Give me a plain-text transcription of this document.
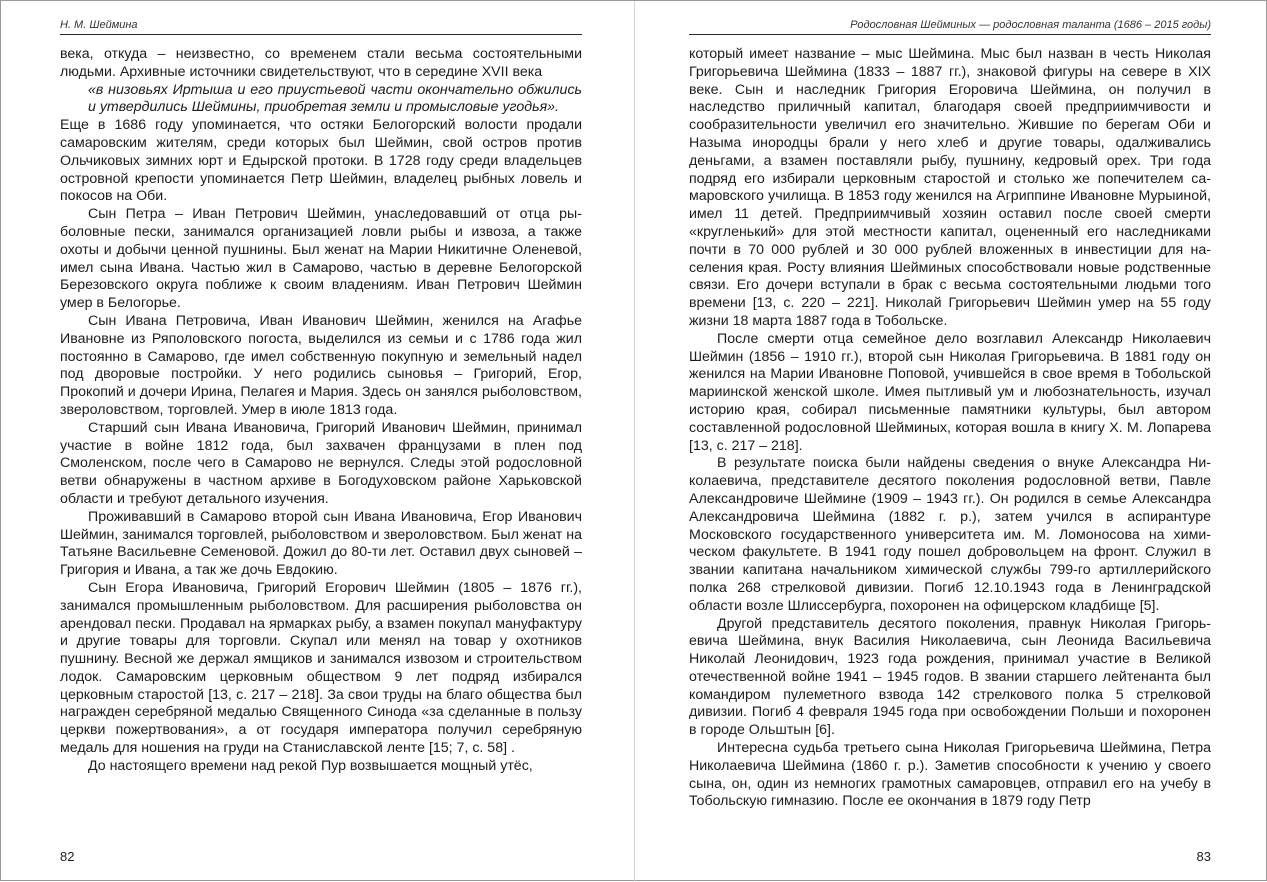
Н. М. Шеймина

века, откуда – неизвестно, со временем стали весьма состоятельными людьми. Архивные источники свидетельствуют, что в середине XVII века

«в низовьях Иртыша и его приустьевой части окончательно обжились и утвердились Шеймины, приобретая земли и промысловые угодья».

Еще в 1686 году упоминается, что остяки Белогорский волости продали самаровским жителям, среди которых был Шеймин, свой остров против Ольчиковых зимних юрт и Едырской протоки. В 1728 году среди владельцев островной крепости упоминается Петр Шеймин, владелец рыбных ловель и покосов на Оби.

Сын Петра – Иван Петрович Шеймин, унаследовавший от отца рыболовные пески, занимался организацией ловли рыбы и извоза, а также охоты и добычи ценной пушнины. Был женат на Марии Никитичне Оленевой, имел сына Ивана. Частью жил в Самарово, частью в деревне Белогорской Березовского округа поближе к своим владениям. Иван Петрович Шеймин умер в Белогорье.

Сын Ивана Петровича, Иван Иванович Шеймин, женился на Агафье Ивановне из Ряполовского погоста, выделился из семьи и с 1786 года жил постоянно в Самарово, где имел собственную покупную и земельный надел под дворовые постройки. У него родились сыновья – Григорий, Егор, Прокопий и дочери Ирина, Пелагея и Мария. Здесь он занялся рыболовством, звероловством, торговлей. Умер в июле 1813 года.

Старший сын Ивана Ивановича, Григорий Иванович Шеймин, принимал участие в войне 1812 года, был захвачен французами в плен под Смоленском, после чего в Самарово не вернулся. Следы этой родословной ветви обнаружены в частном архиве в Богодуховском районе Харьковской области и требуют детального изучения.

Проживавший в Самарово второй сын Ивана Ивановича, Егор Иванович Шеймин, занимался торговлей, рыболовством и звероловством. Был женат на Татьяне Васильевне Семеновой. Дожил до 80-ти лет. Оставил двух сыновей – Григория и Ивана, а так же дочь Евдокию.

Сын Егора Ивановича, Григорий Егорович Шеймин (1805 – 1876 гг.), занимался промышленным рыболовством. Для расширения рыболовства он арендовал пески. Продавал на ярмарках рыбу, а взамен покупал мануфактуру и другие товары для торговли. Скупал или менял на товар у охотников пушнину. Весной же держал ямщиков и занимался извозом и строительством лодок. Самаровским церковным обществом 9 лет подряд избирался церковным старостой [13, с. 217 – 218]. За свои труды на благо общества был награжден серебряной медалью Священного Синода «за сделанные в пользу церкви пожертвования», а от государя императора получил серебряную медаль для ношения на груди на Станиславской ленте [15; 7, с. 58] .

До настоящего времени над рекой Пур возвышается мощный утёс,

82
Родословная Шейминых — родословная таланта (1686 – 2015 годы)

который имеет название – мыс Шеймина. Мыс был назван в честь Николая Григорьевича Шеймина (1833 – 1887 гг.), знаковой фигуры на севере в XIX веке. Сын и наследник Григория Егоровича Шеймина, он получил в наследство приличный капитал, благодаря своей предприимчивости и сообразительности увеличил его значительно. Жившие по берегам Оби и Назыма инородцы брали у него хлеб и другие товары, одалживались деньгами, а взамен поставляли рыбу, пушнину, кедровый орех. Три года подряд его избирали церковным старостой и столько же попечителем самаровского училища. В 1853 году женился на Агриппине Ивановне Мурыиной, имел 11 детей. Предприимчивый хозяин оставил после своей смерти «кругленький» для этой местности капитал, оцененный его наследниками почти в 70 000 рублей и 30 000 рублей вложенных в инвестиции для населения края. Росту влияния Шейминых способствовали новые родственные связи. Его дочери вступали в брак с весьма состоятельными людьми того времени [13, с. 220 – 221]. Николай Григорьевич Шеймин умер на 55 году жизни 18 марта 1887 года в Тобольске.

После смерти отца семейное дело возглавил Александр Николаевич Шеймин (1856 – 1910 гг.), второй сын Николая Григорьевича. В 1881 году он женился на Марии Ивановне Поповой, учившейся в свое время в Тобольской мариинской женской школе. Имея пытливый ум и любознательность, изучал историю края, собирал письменные памятники культуры, был автором составленной родословной Шейминых, которая вошла в книгу Х. М. Лопарева [13, с. 217 – 218].

В результате поиска были найдены сведения о внуке Александра Николаевича, представителе десятого поколения родословной ветви, Павле Александровиче Шеймине (1909 – 1943 гг.). Он родился в семье Александра Александровича Шеймина (1882 г. р.), затем учился в аспирантуре Московского государственного университета им. М. Ломоносова на химическом факультете. В 1941 году пошел добровольцем на фронт. Служил в звании капитана начальником химической службы 799-го артиллерийского полка 268 стрелковой дивизии. Погиб 12.10.1943 года в Ленинградской области возле Шлиссербурга, похоронен на офицерском кладбище [5].

Другой представитель десятого поколения, правнук Николая Григорьевича Шеймина, внук Василия Николаевича, сын Леонида Васильевича Николай Леонидович, 1923 года рождения, принимал участие в Великой отечественной войне 1941 – 1945 годов. В звании старшего лейтенанта был командиром пулеметного взвода 142 стрелкового полка 5 стрелковой дивизии. Погиб 4 февраля 1945 года при освобождении Польши и похоронен в городе Ольштын [6].

Интересна судьба третьего сына Николая Григорьевича Шеймина, Петра Николаевича Шеймина (1860 г. р.). Заметив способности к учению у своего сына, он, один из немногих грамотных самаровцев, отправил его на учебу в Тобольскую гимназию. После ее окончания в 1879 году Петр

83
